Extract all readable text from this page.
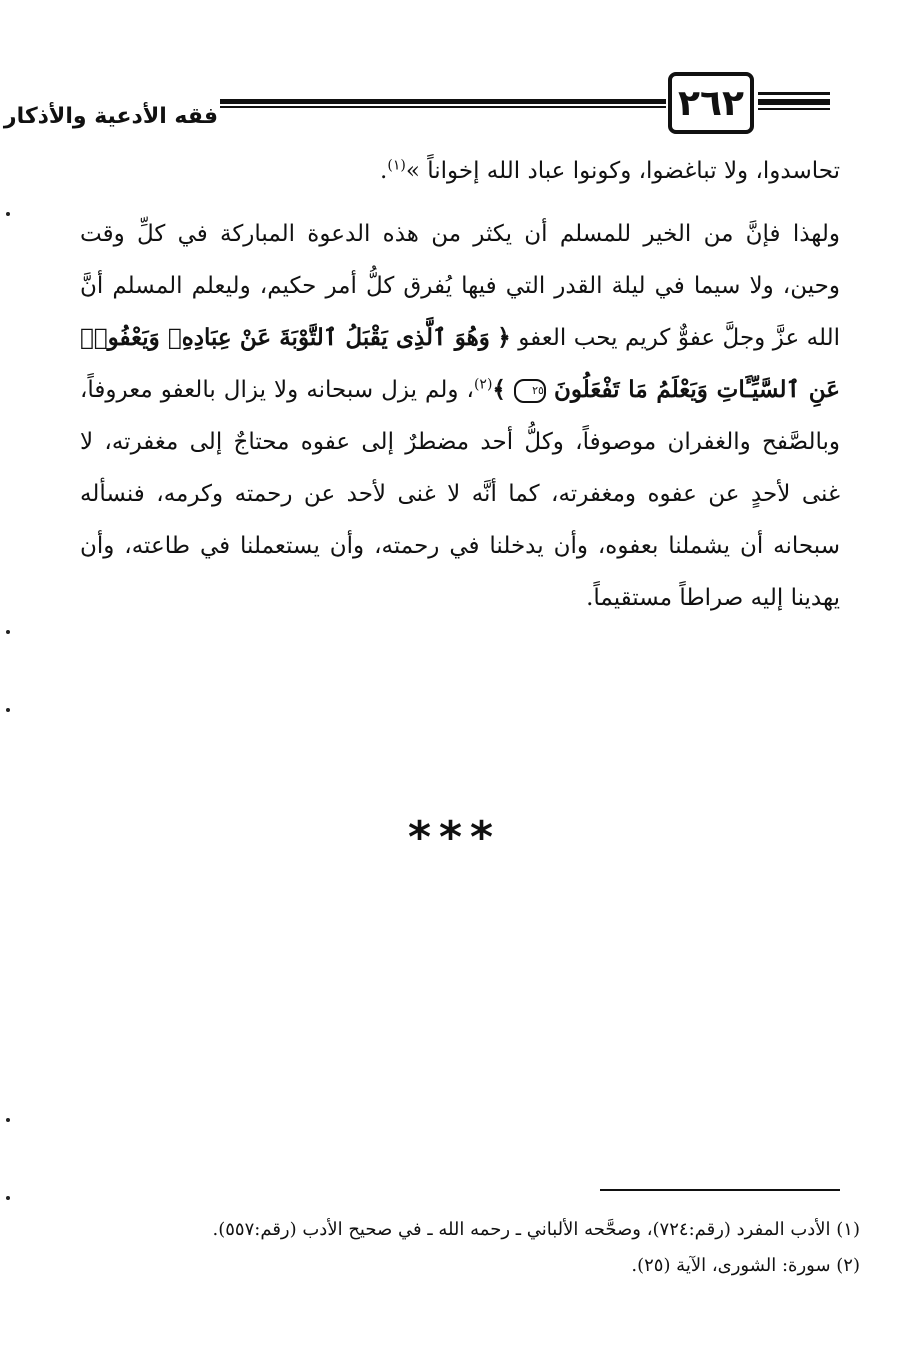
فقه الأدعية والأذكار	٢٦٢
تحاسدوا، ولا تباغضوا، وكونوا عباد الله إخواناً »$^{(١)}$.
ولهذا فإنَّ من الخير للمسلم أن يكثر من هذه الدعوة المباركة في كلِّ وقت وحين، ولا سيما في ليلة القدر التي فيها يُفرق كلُّ أمر حكيم، وليعلم المسلم أنَّ الله عزَّ وجلَّ عفوٌّ كريم يحب العفو ﴿ وَهُوَ ٱلَّذِى يَقْبَلُ ٱلتَّوْبَةَ عَنْ عِبَادِهِۦ وَيَعْفُوا۟ عَنِ ٱلسَّيِّـَٔاتِ وَيَعْلَمُ مَا تَفْعَلُونَ ٢٥ ﴾$^{(٢)}$، ولم يزل سبحانه ولا يزال بالعفو معروفاً، وبالصَّفح والغفران موصوفاً، وكلُّ أحد مضطرٌ إلى عفوه محتاجٌ إلى مغفرته، لا غنى لأحدٍ عن عفوه ومغفرته، كما أنَّه لا غنى لأحد عن رحمته وكرمه، فنسأله سبحانه أن يشملنا بعفوه، وأن يدخلنا في رحمته، وأن يستعملنا في طاعته، وأن يهدينا إليه صراطاً مستقيماً.
***
(١) الأدب المفرد (رقم:٧٢٤)، وصحَّحه الألباني ـ رحمه الله ـ في صحيح الأدب (رقم:٥٥٧).
(٢) سورة: الشورى، الآية (٢٥).
